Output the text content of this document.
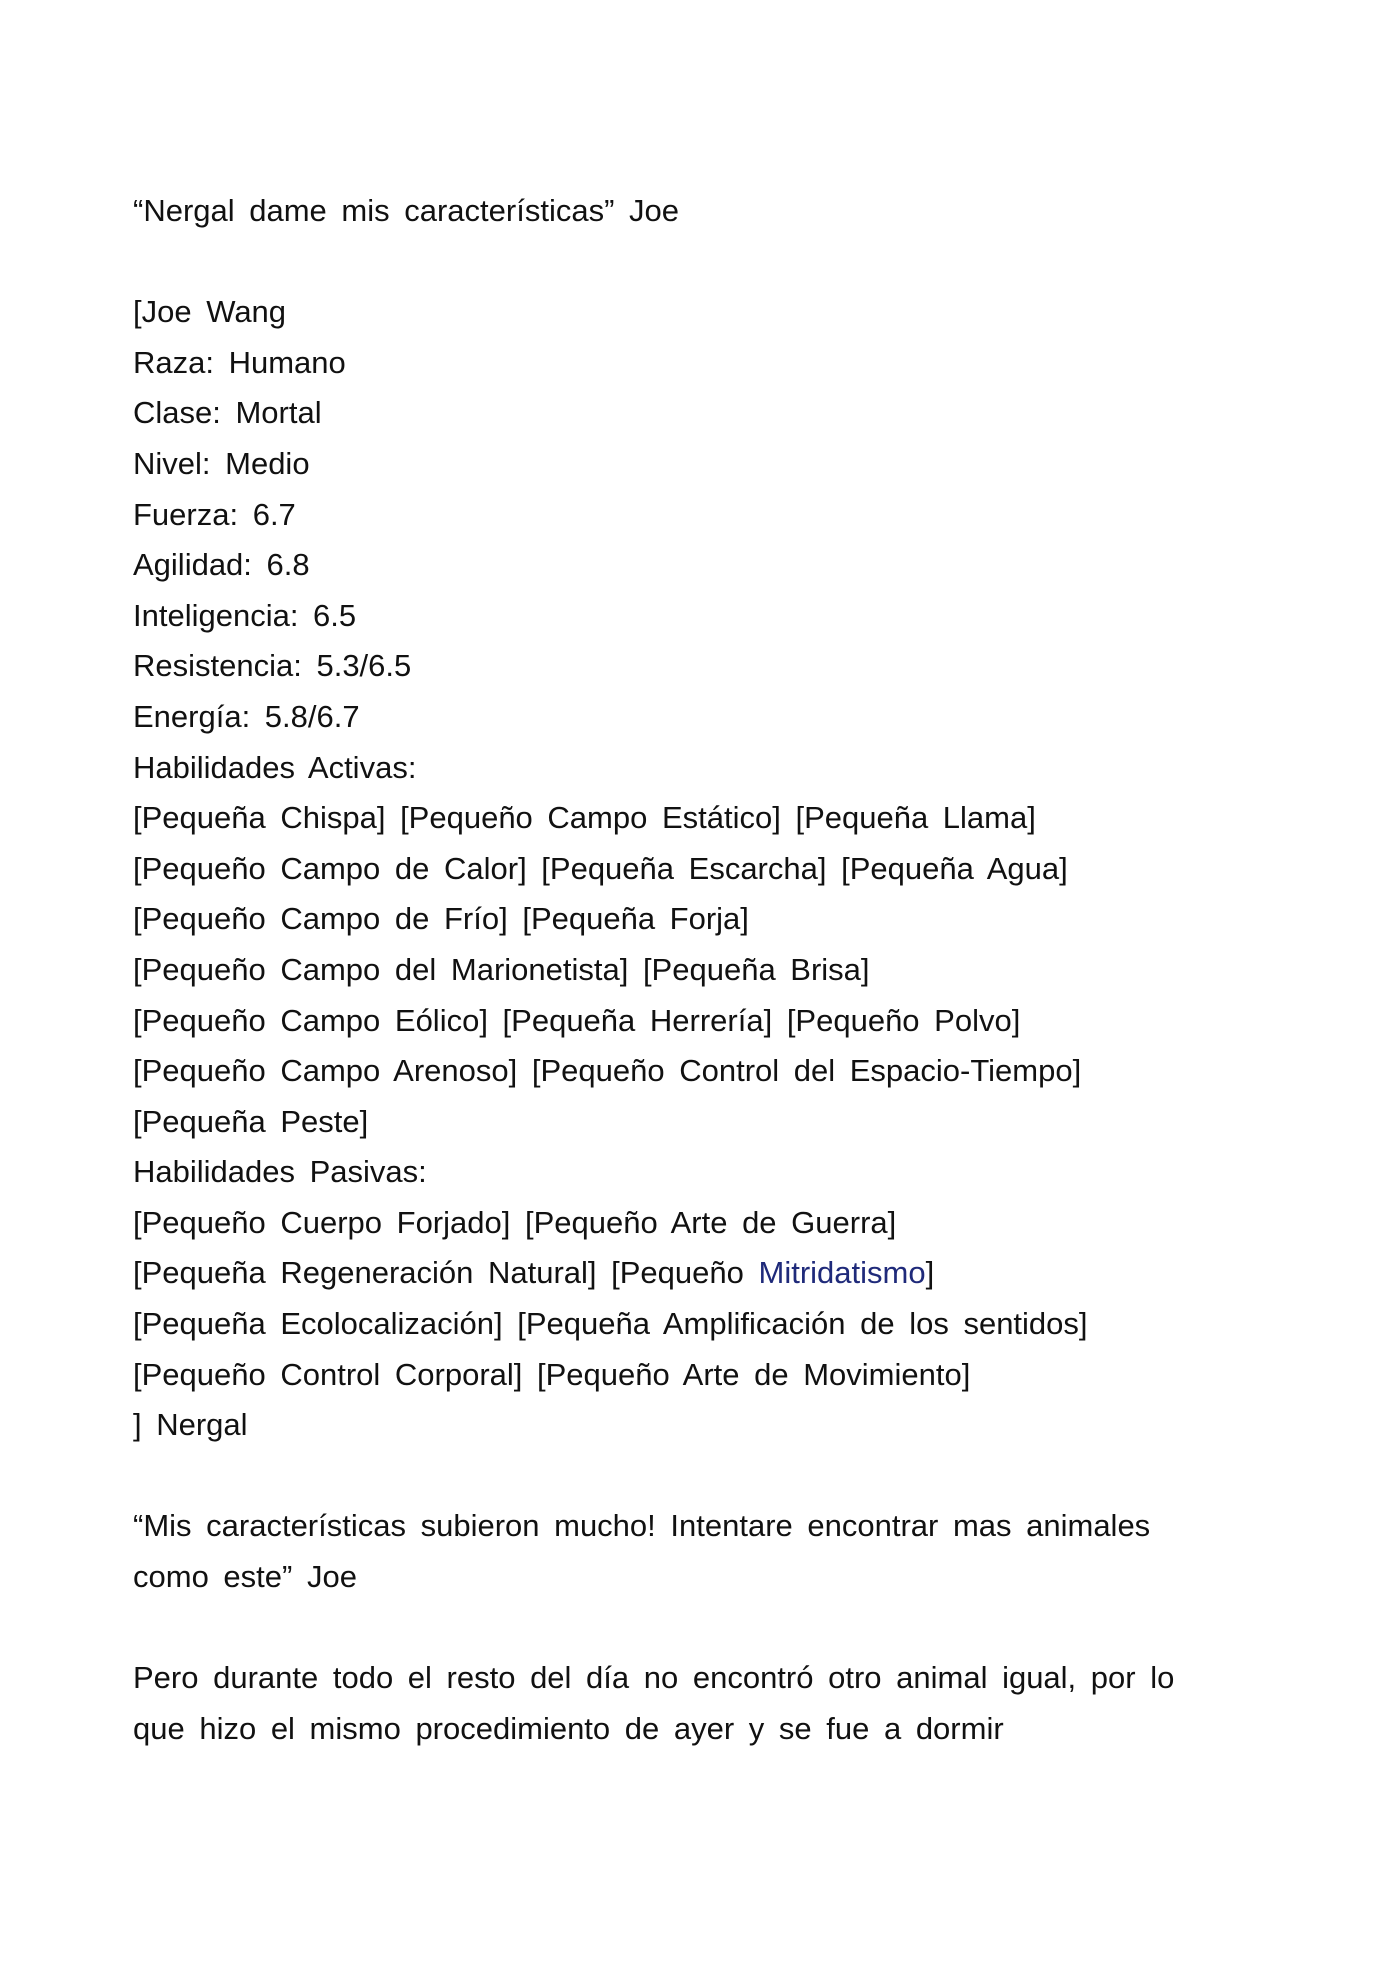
“Nergal dame mis características” Joe
[Joe Wang
Raza: Humano
Clase: Mortal
Nivel: Medio
Fuerza: 6.7
Agilidad: 6.8
Inteligencia: 6.5
Resistencia: 5.3/6.5
Energía: 5.8/6.7
Habilidades Activas:
[Pequeña Chispa] [Pequeño Campo Estático] [Pequeña Llama]
[Pequeño Campo de Calor] [Pequeña Escarcha] [Pequeña Agua]
[Pequeño Campo de Frío] [Pequeña Forja]
[Pequeño Campo del Marionetista] [Pequeña Brisa]
[Pequeño Campo Eólico] [Pequeña Herrería] [Pequeño Polvo]
[Pequeño Campo Arenoso] [Pequeño Control del Espacio-Tiempo]
[Pequeña Peste]
Habilidades Pasivas:
[Pequeño Cuerpo Forjado] [Pequeño Arte de Guerra]
[Pequeña Regeneración Natural] [Pequeño Mitridatismo]
[Pequeña Ecolocalización] [Pequeña Amplificación de los sentidos]
[Pequeño Control Corporal] [Pequeño Arte de Movimiento]
] Nergal
“Mis características subieron mucho! Intentare encontrar mas animales
como este” Joe
Pero durante todo el resto del día no encontró otro animal igual, por lo
que hizo el mismo procedimiento de ayer y se fue a dormir
